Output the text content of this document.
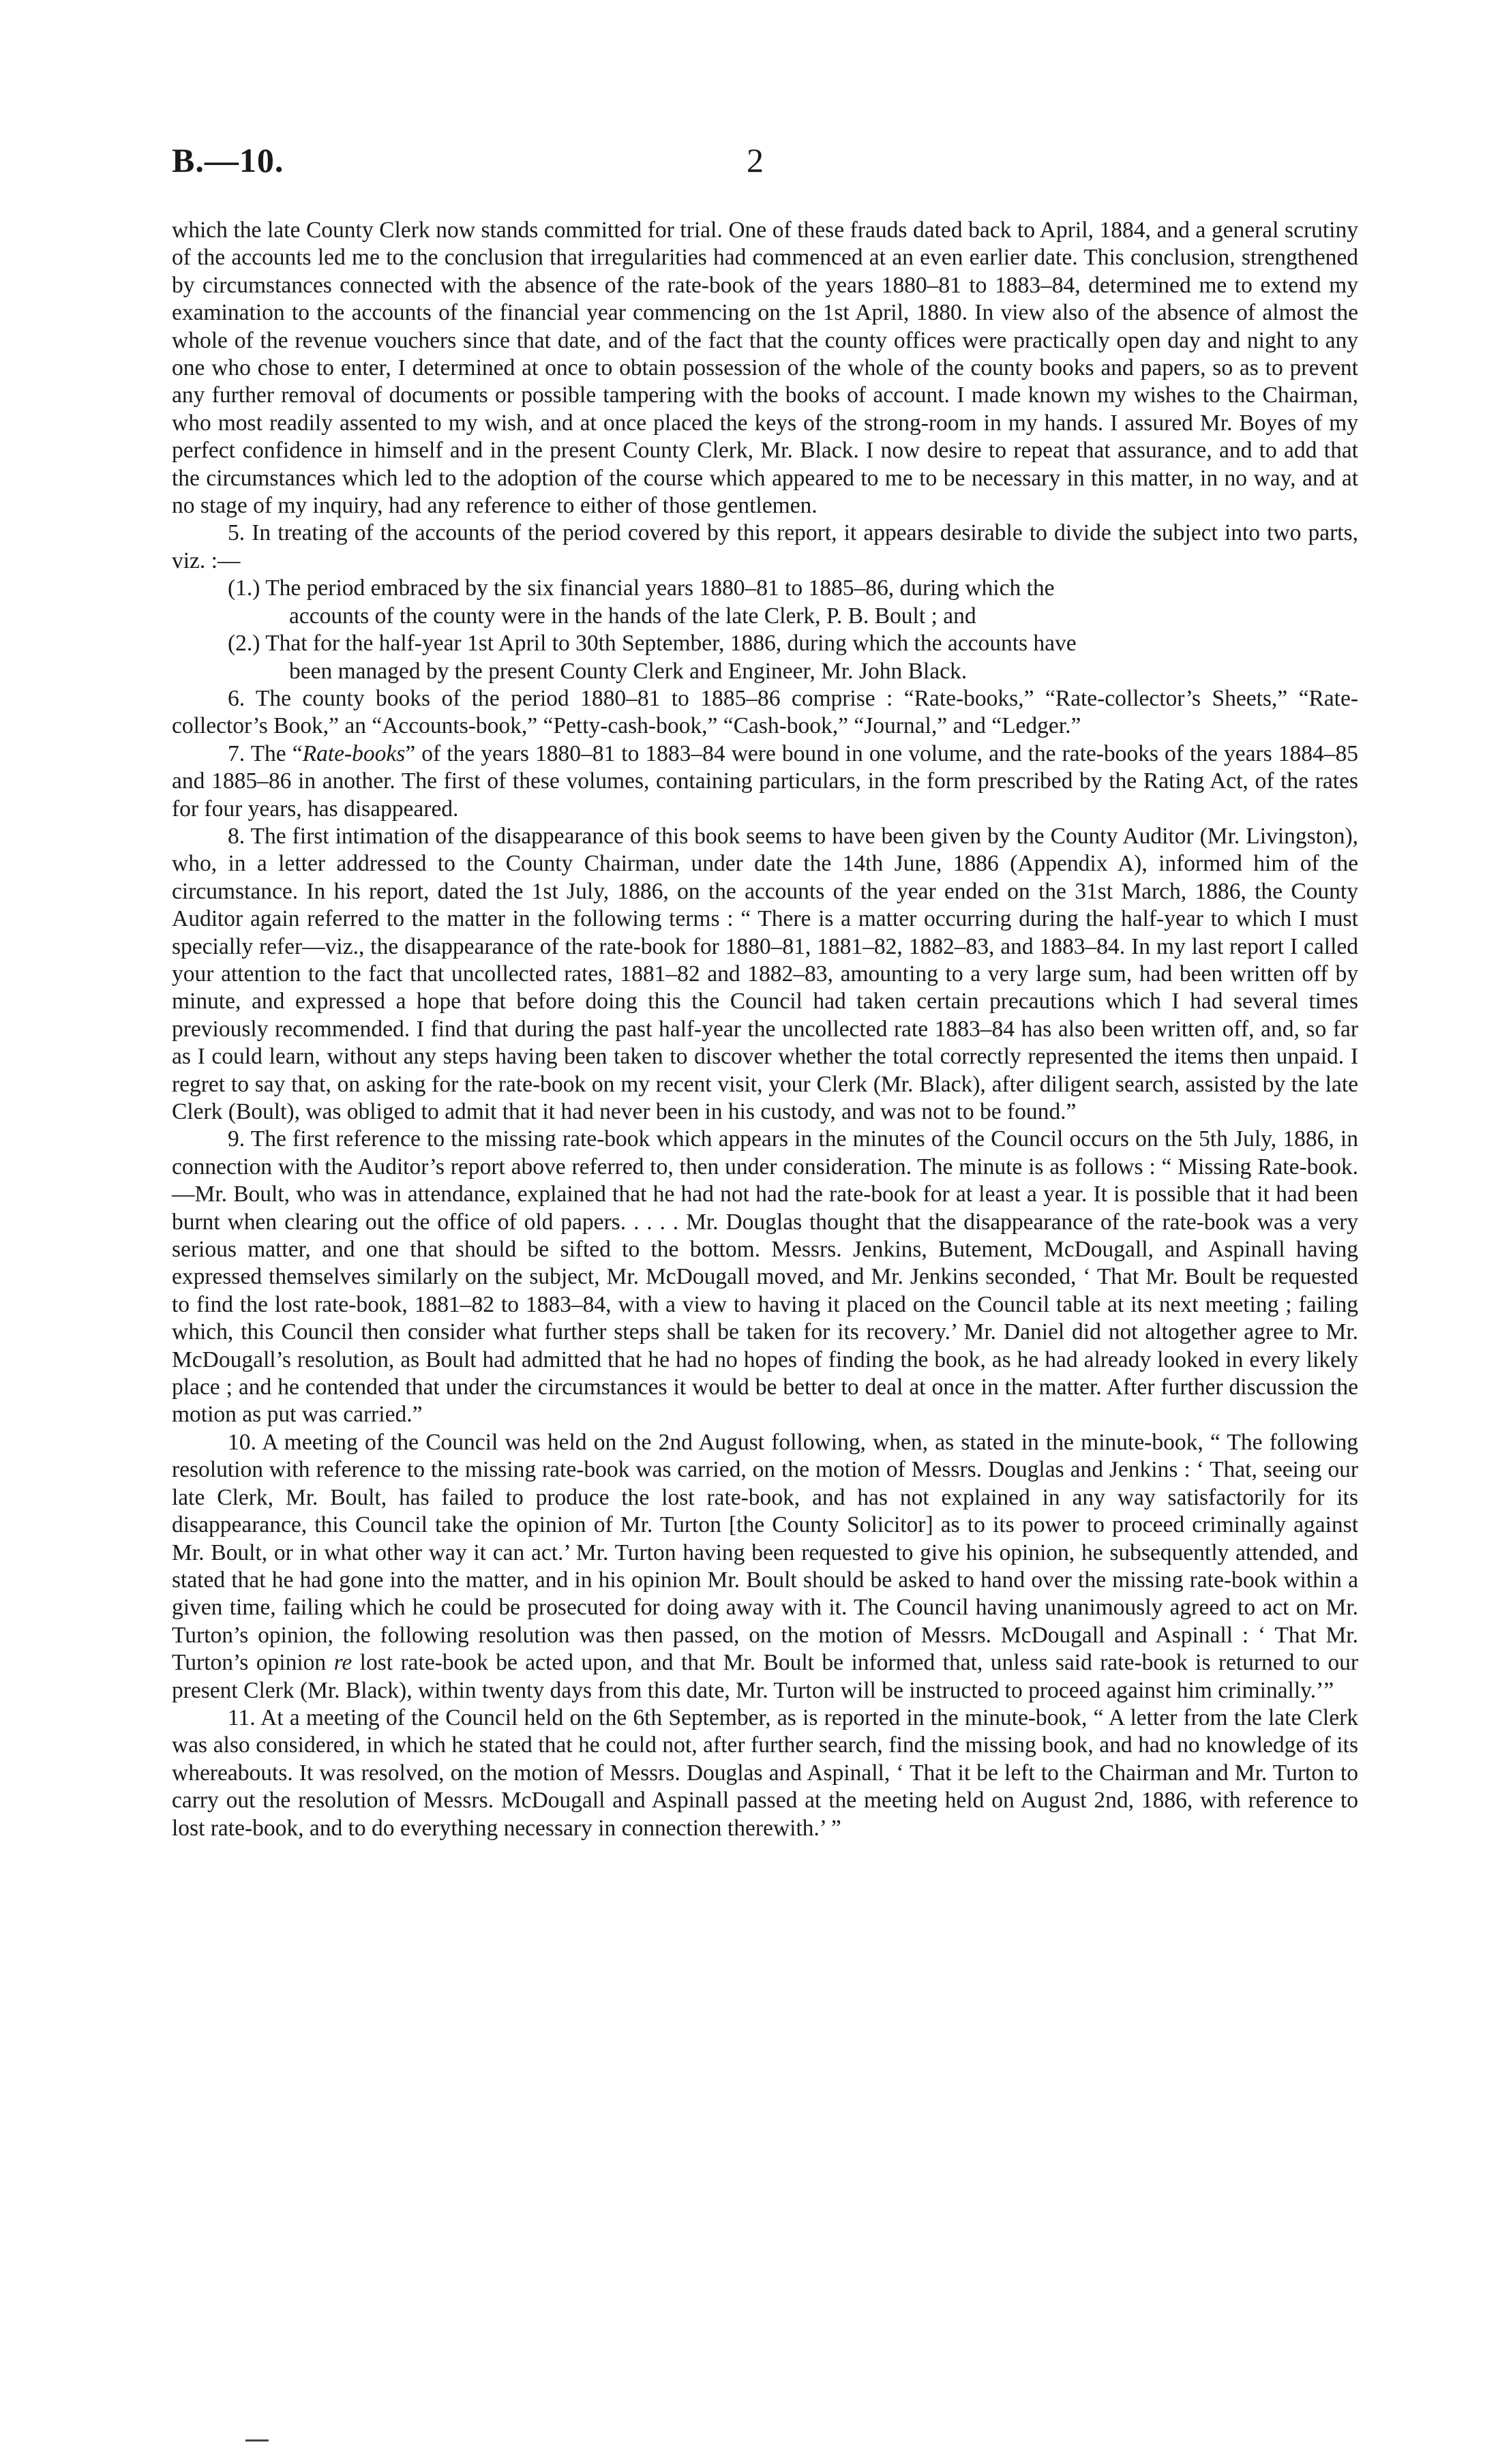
B.—10.	2

which the late County Clerk now stands committed for trial. One of these frauds dated back to April, 1884, and a general scrutiny of the accounts led me to the conclusion that irregularities had commenced at an even earlier date. This conclusion, strengthened by circumstances connected with the absence of the rate-book of the years 1880–81 to 1883–84, determined me to extend my examination to the accounts of the financial year commencing on the 1st April, 1880. In view also of the absence of almost the whole of the revenue vouchers since that date, and of the fact that the county offices were practically open day and night to any one who chose to enter, I determined at once to obtain possession of the whole of the county books and papers, so as to prevent any further removal of documents or possible tampering with the books of account. I made known my wishes to the Chairman, who most readily assented to my wish, and at once placed the keys of the strong-room in my hands. I assured Mr. Boyes of my perfect confidence in himself and in the present County Clerk, Mr. Black. I now desire to repeat that assurance, and to add that the circumstances which led to the adoption of the course which appeared to me to be necessary in this matter, in no way, and at no stage of my inquiry, had any reference to either of those gentlemen.

5. In treating of the accounts of the period covered by this report, it appears desirable to divide the subject into two parts, viz. :—

(1.) The period embraced by the six financial years 1880–81 to 1885–86, during which the
accounts of the county were in the hands of the late Clerk, P. B. Boult ; and

(2.) That for the half-year 1st April to 30th September, 1886, during which the accounts have
been managed by the present County Clerk and Engineer, Mr. John Black.

6. The county books of the period 1880–81 to 1885–86 comprise : “Rate-books,” “Rate-collector’s Sheets,” “Rate-collector’s Book,” an “Accounts-book,” “Petty-cash-book,” “Cash-book,” “Journal,” and “Ledger.”

7. The “Rate-books” of the years 1880–81 to 1883–84 were bound in one volume, and the rate-books of the years 1884–85 and 1885–86 in another. The first of these volumes, containing particulars, in the form prescribed by the Rating Act, of the rates for four years, has disappeared.

8. The first intimation of the disappearance of this book seems to have been given by the County Auditor (Mr. Livingston), who, in a letter addressed to the County Chairman, under date the 14th June, 1886 (Appendix A), informed him of the circumstance. In his report, dated the 1st July, 1886, on the accounts of the year ended on the 31st March, 1886, the County Auditor again referred to the matter in the following terms : “ There is a matter occurring during the half-year to which I must specially refer—viz., the disappearance of the rate-book for 1880–81, 1881–82, 1882–83, and 1883–84. In my last report I called your attention to the fact that uncollected rates, 1881–82 and 1882–83, amounting to a very large sum, had been written off by minute, and expressed a hope that before doing this the Council had taken certain precautions which I had several times previously recommended. I find that during the past half-year the uncollected rate 1883–84 has also been written off, and, so far as I could learn, without any steps having been taken to discover whether the total correctly represented the items then unpaid. I regret to say that, on asking for the rate-book on my recent visit, your Clerk (Mr. Black), after diligent search, assisted by the late Clerk (Boult), was obliged to admit that it had never been in his custody, and was not to be found.”

9. The first reference to the missing rate-book which appears in the minutes of the Council occurs on the 5th July, 1886, in connection with the Auditor’s report above referred to, then under consideration. The minute is as follows : “ Missing Rate-book.—Mr. Boult, who was in attendance, explained that he had not had the rate-book for at least a year. It is possible that it had been burnt when clearing out the office of old papers. . . . . Mr. Douglas thought that the disappearance of the rate-book was a very serious matter, and one that should be sifted to the bottom. Messrs. Jenkins, Butement, McDougall, and Aspinall having expressed themselves similarly on the subject, Mr. McDougall moved, and Mr. Jenkins seconded, ‘ That Mr. Boult be requested to find the lost rate-book, 1881–82 to 1883–84, with a view to having it placed on the Council table at its next meeting ; failing which, this Council then consider what further steps shall be taken for its recovery.’ Mr. Daniel did not altogether agree to Mr. McDougall’s resolution, as Boult had admitted that he had no hopes of finding the book, as he had already looked in every likely place ; and he contended that under the circumstances it would be better to deal at once in the matter. After further discussion the motion as put was carried.”

10. A meeting of the Council was held on the 2nd August following, when, as stated in the minute-book, “ The following resolution with reference to the missing rate-book was carried, on the motion of Messrs. Douglas and Jenkins : ‘ That, seeing our late Clerk, Mr. Boult, has failed to produce the lost rate-book, and has not explained in any way satisfactorily for its disappearance, this Council take the opinion of Mr. Turton [the County Solicitor] as to its power to proceed criminally against Mr. Boult, or in what other way it can act.’ Mr. Turton having been requested to give his opinion, he subsequently attended, and stated that he had gone into the matter, and in his opinion Mr. Boult should be asked to hand over the missing rate-book within a given time, failing which he could be prosecuted for doing away with it. The Council having unanimously agreed to act on Mr. Turton’s opinion, the following resolution was then passed, on the motion of Messrs. McDougall and Aspinall : ‘ That Mr. Turton’s opinion re lost rate-book be acted upon, and that Mr. Boult be informed that, unless said rate-book is returned to our present Clerk (Mr. Black), within twenty days from this date, Mr. Turton will be instructed to proceed against him criminally.’”

11. At a meeting of the Council held on the 6th September, as is reported in the minute-book, “ A letter from the late Clerk was also considered, in which he stated that he could not, after further search, find the missing book, and had no knowledge of its whereabouts. It was resolved, on the motion of Messrs. Douglas and Aspinall, ‘ That it be left to the Chairman and Mr. Turton to carry out the resolution of Messrs. McDougall and Aspinall passed at the meeting held on August 2nd, 1886, with reference to lost rate-book, and to do everything necessary in connection therewith.’ ”
